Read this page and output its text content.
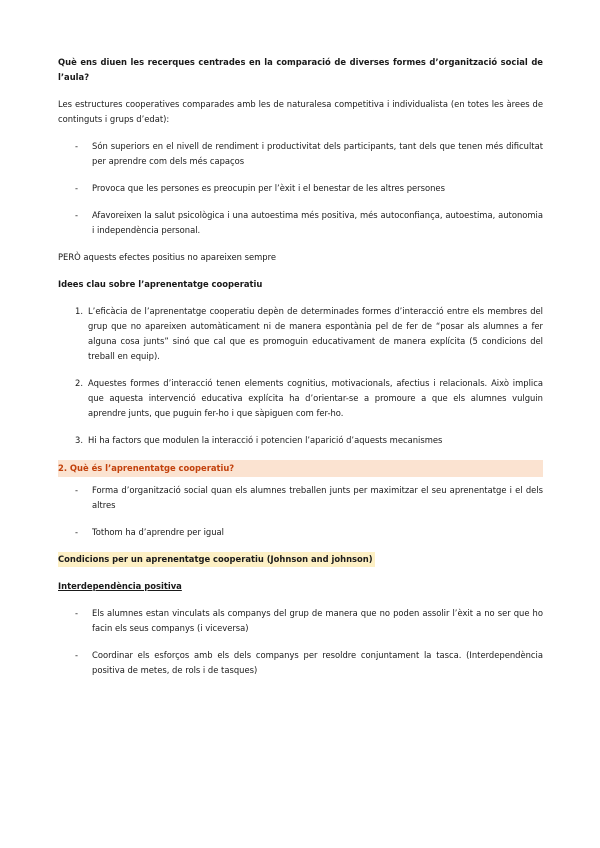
Què ens diuen les recerques centrades en la comparació de diverses formes d’organització social de l’aula?

Les estructures cooperatives comparades amb les de naturalesa competitiva i individualista (en totes les àrees de continguts i grups d’edat):

- Són superiors en el nivell de rendiment i productivitat dels participants, tant dels que tenen més dificultat per aprendre com dels més capaços
- Provoca que les persones es preocupin per l’èxit i el benestar de les altres persones
- Afavoreixen la salut psicològica i una autoestima més positiva, més autoconfiança, autoestima, autonomia i independència personal.

PERÒ aquests efectes positius no apareixen sempre

Idees clau sobre l’aprenentatge cooperatiu

1. L’eficàcia de l’aprenentatge cooperatiu depèn de determinades formes d’interacció entre els membres del grup que no apareixen automàticament ni de manera espontània pel de fer de “posar als alumnes a fer alguna cosa junts” sinó que cal que es promoguin educativament de manera explícita (5 condicions del treball en equip).
2. Aquestes formes d’interacció tenen elements cognitius, motivacionals, afectius i relacionals. Això implica que aquesta intervenció educativa explícita ha d’orientar-se a promoure a que els alumnes vulguin aprendre junts, que puguin fer-ho i que sàpiguen com fer-ho.
3. Hi ha factors que modulen la interacció i potencien l’aparició d’aquests mecanismes
2. Què és l’aprenentatge cooperatiu?
- Forma d’organització social quan els alumnes treballen junts per maximitzar el seu aprenentatge i el dels altres
- Tothom ha d’aprendre per igual

Condicions per un aprenentatge cooperatiu (Johnson and johnson)

Interdependència positiva

- Els alumnes estan vinculats als companys del grup de manera que no poden assolir l’èxit a no ser que ho facin els seus companys (i viceversa)
- Coordinar els esforços amb els dels companys per resoldre conjuntament la tasca. (Interdependència positiva de metes, de rols i de tasques)
